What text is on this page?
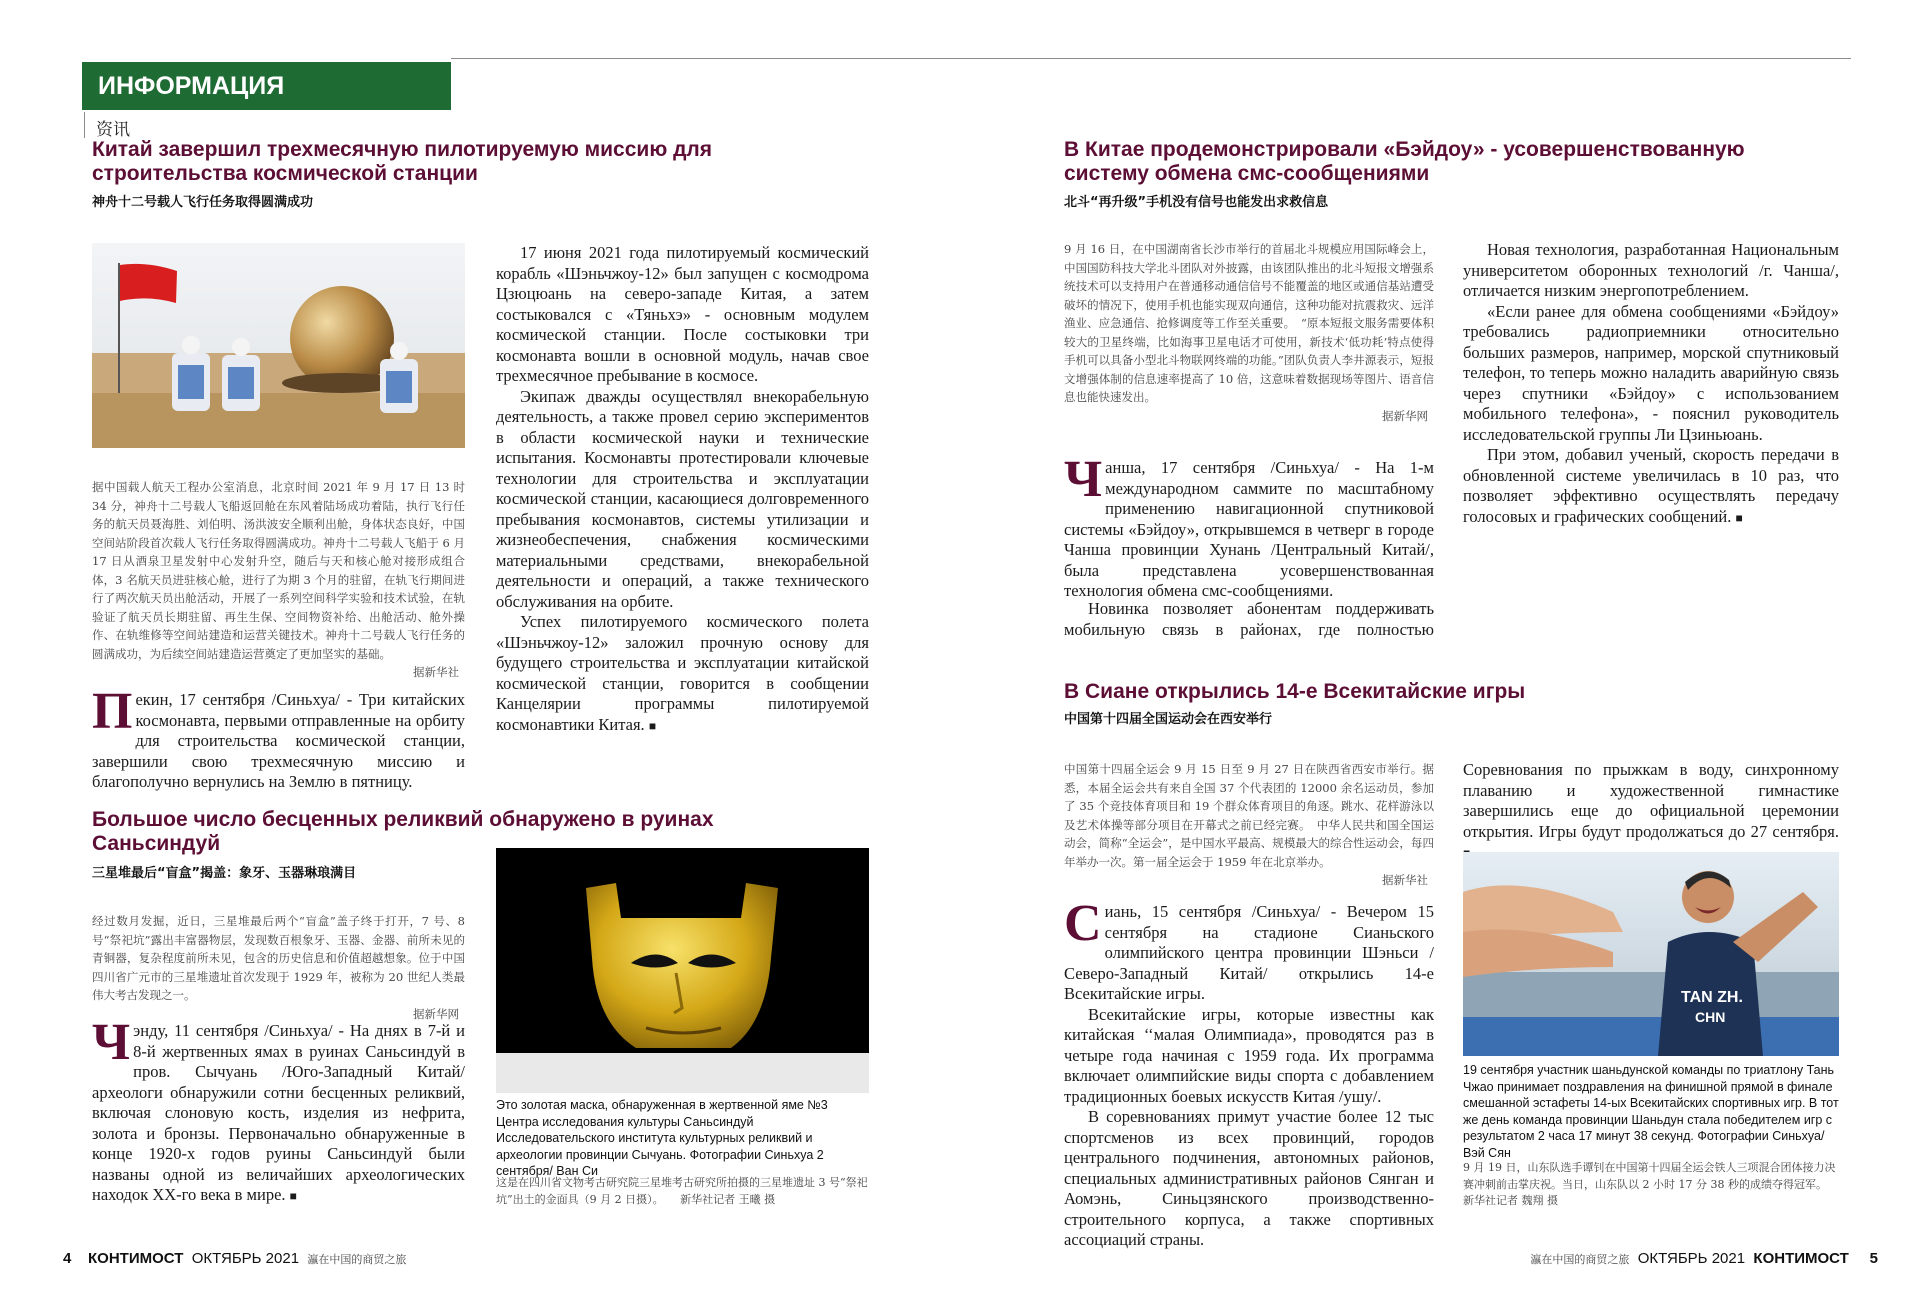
ИНФОРМАЦИЯ
资讯
Китай завершил трехмесячную пилотируемую миссию для строительства космической станции
神舟十二号载人飞行任务取得圆满成功
据中国载人航天工程办公室消息，北京时间 2021 年 9 月 17 日 13 时 34 分，神舟十二号载人飞船返回舱在东风着陆场成功着陆，执行飞行任务的航天员聂海胜、刘伯明、汤洪波安全顺利出舱，身体状态良好，中国空间站阶段首次载人飞行任务取得圆满成功。神舟十二号载人飞船于 6 月 17 日从酒泉卫星发射中心发射升空，随后与天和核心舱对接形成组合体，3 名航天员进驻核心舱，进行了为期 3 个月的驻留，在轨飞行期间进行了两次航天员出舱活动，开展了一系列空间科学实验和技术试验，在轨验证了航天员长期驻留、再生生保、空间物资补给、出舱活动、舱外操作、在轨维修等空间站建造和运营关键技术。神舟十二号载人飞行任务的圆满成功，为后续空间站建造运营奠定了更加坚实的基础。
据新华社

Пекин, 17 сентября /Синьхуа/ - Три китайских космонавта, первыми отправленные на орбиту для строительства космической станции, завершили свою трехмесячную миссию и благополучно вернулись на Землю в пятницу.

17 июня 2021 года пилотируемый космический корабль «Шэньчжоу-12» был запущен с космодрома Цзюцюань на северо-западе Китая, а затем состыковался с «Тяньхэ» - основным модулем космической станции. После состыковки три космонавта вошли в основной модуль, начав свое трехмесячное пребывание в космосе.

Экипаж дважды осуществлял внекорабельную деятельность, а также провел серию экспериментов в области космической науки и технические испытания. Космонавты протестировали ключевые технологии для строительства и эксплуатации космической станции, касающиеся долговременного пребывания космонавтов, системы утилизации и жизнеобеспечения, снабжения космическими материальными средствами, внекорабельной деятельности и операций, а также технического обслуживания на орбите.

Успех пилотируемого космического полета «Шэньчжоу-12» заложил прочную основу для будущего строительства и эксплуатации китайской космической станции, говорится в сообщении Канцелярии программы пилотируемой космонавтики Китая. ■

Большое число бесценных реликвий обнаружено в руинах Саньсиндуй
三星堆最后“盲盒”揭盖：象牙、玉器琳琅满目
经过数月发掘，近日，三星堆最后两个“盲盒”盖子终于打开，7 号、8 号“祭祀坑”露出丰富器物层，发现数百根象牙、玉器、金器、前所未见的青铜器，复杂程度前所未见，包含的历史信息和价值超越想象。位于中国四川省广元市的三星堆遗址首次发现于 1929 年，被称为 20 世纪人类最伟大考古发现之一。
据新华网

Чэнду, 11 сентября /Синьхуа/ - На днях в 7-й и 8-й жертвенных ямах в руинах Саньсиндуй в пров. Сычуань /Юго-Западный Китай/ археологи обнаружили сотни бесценных реликвий, включая слоновую кость, изделия из нефрита, золота и бронзы. Первоначально обнаруженные в конце 1920-х годов руины Саньсиндуй были названы одной из величайших археологических находок XX-го века в мире. ■

Это золотая маска, обнаруженная в жертвенной яме №3 Центра исследования культуры Саньсиндуй Исследовательского института культурных реликвий и археологии провинции Сычуань. Фотографии Синьхуа 2 сентября/ Ван Си
这是在四川省文物考古研究院三星堆考古研究所拍摄的三星堆遗址 3 号“祭祀坑”出土的金面具（9 月 2 日摄）。　　新华社记者 王曦 摄
В Китае продемонстрировали «Бэйдоу» - усовершенствованную систему обмена смс-сообщениями
北斗“再升级”手机没有信号也能发出求救信息
9 月 16 日，在中国湖南省长沙市举行的首届北斗规模应用国际峰会上，中国国防科技大学北斗团队对外披露，由该团队推出的北斗短报文增强系统技术可以支持用户在普通移动通信信号不能覆盖的地区或通信基站遭受破坏的情况下，使用手机也能实现双向通信，这种功能对抗震救灾、远洋渔业、应急通信、抢修调度等工作至关重要。　“原本短报文服务需要体积较大的卫星终端，比如海事卫星电话才可使用，新技术‘低功耗’特点使得手机可以具备小型北斗物联网终端的功能。”团队负责人李井源表示，短报文增强体制的信息速率提高了 10 倍，这意味着数据现场等图片、语音信息也能快速发出。
据新华网

Чанша, 17 сентября /Синьхуа/ - На 1-м международном саммите по масштабному применению навигационной спутниковой системы «Бэйдоу», открывшемся в четверг в городе Чанша провинции Хунань /Центральный Китай/, была представлена усовершенствованная технология обмена смс-сообщениями.

Новинка позволяет абонентам поддерживать мобильную связь в районах, где полностью

Новая технология, разработанная Национальным университетом оборонных технологий /г. Чанша/, отличается низким энергопотреблением.

«Если ранее для обмена сообщениями «Бэйдоу» требовались радиоприемники относительно больших размеров, например, морской спутниковый телефон, то теперь можно наладить аварийную связь через спутники «Бэйдоу» с использованием мобильного телефона», - пояснил руководитель исследовательской группы Ли Цзиньюань.

При этом, добавил ученый, скорость передачи в обновленной системе увеличилась в 10 раз, что позволяет эффективно осуществлять передачу голосовых и графических сообщений. ■

В Сиане открылись 14-е Всекитайские игры
中国第十四届全国运动会在西安举行
中国第十四届全运会 9 月 15 日至 9 月 27 日在陕西省西安市举行。据悉，本届全运会共有来自全国 37 个代表团的 12000 余名运动员，参加了 35 个竞技体育项目和 19 个群众体育项目的角逐。跳水、花样游泳以及艺术体操等部分项目在开幕式之前已经完赛。　中华人民共和国全国运动会，简称“全运会”，是中国水平最高、规模最大的综合性运动会，每四年举办一次。第一届全运会于 1959 年在北京举办。
据新华社

Сиань, 15 сентября /Синьхуа/ - Вечером 15 сентября на стадионе Сианьского олимпийского центра провинции Шэньси /Северо-Западный Китай/ открылись 14-е Всекитайские игры.

Всекитайские игры, которые известны как китайская ‘‘малая Олимпиада», проводятся раз в четыре года начиная с 1959 года. Их программа включает олимпийские виды спорта с добавлением традиционных боевых искусств Китая /ушу/.

В соревнованиях примут участие более 12 тыс спортсменов из всех провинций, городов центрального подчинения, автономных районов, специальных административных районов Сянган и Аомэнь, Синьцзянского производственно-строительного корпуса, а также спортивных ассоциаций страны.

Соревнования по прыжкам в воду, синхронному плаванию и художественной гимнастике завершились еще до официальной церемонии открытия. Игры будут продолжаться до 27 сентября.

TAN ZH.
CHN
19 сентября участник шаньдунской команды по триатлону Тань Чжао принимает поздравления на финишной прямой в финале смешанной эстафеты 14-ых Всекитайских спортивных игр. В тот же день команда провинции Шаньдун стала победителем игр с результатом 2 часа 17 минут 38 секунд. Фотографии Синьхуа/ Вэй Сян
9 月 19 日，山东队选手谭钊在中国第十四届全运会铁人三项混合团体接力决赛冲刺前击掌庆祝。当日，山东队以 2 小时 17 分 38 秒的成绩夺得冠军。　　新华社记者 魏翔 摄
4 КОНТИМОСТ ОКТЯБРЬ 2021 瀛在中国的商贸之旅	瀛在中国的商贸之旅 ОКТЯБРЬ 2021 КОНТИМОСТ 5
